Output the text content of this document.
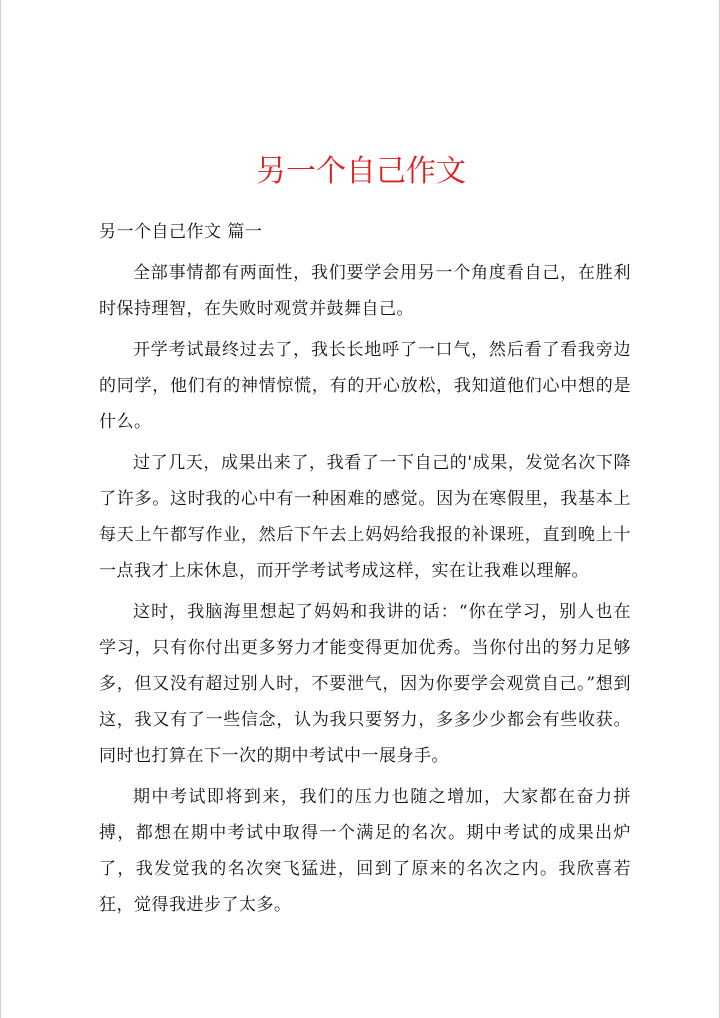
另一个自己作文
另一个自己作文 篇一

全部事情都有两面性，我们要学会用另一个角度看自己，在胜利时保持理智，在失败时观赏并鼓舞自己。

开学考试最终过去了，我长长地呼了一口气，然后看了看我旁边的同学，他们有的神情惊慌，有的开心放松，我知道他们心中想的是什么。

过了几天，成果出来了，我看了一下自己的'成果，发觉名次下降了许多。这时我的心中有一种困难的感觉。因为在寒假里，我基本上每天上午都写作业，然后下午去上妈妈给我报的补课班，直到晚上十一点我才上床休息，而开学考试考成这样，实在让我难以理解。

这时，我脑海里想起了妈妈和我讲的话：“你在学习，别人也在学习，只有你付出更多努力才能变得更加优秀。当你付出的努力足够多，但又没有超过别人时，不要泄气，因为你要学会观赏自己。”想到这，我又有了一些信念，认为我只要努力，多多少少都会有些收获。同时也打算在下一次的期中考试中一展身手。

期中考试即将到来，我们的压力也随之增加，大家都在奋力拼搏，都想在期中考试中取得一个满足的名次。期中考试的成果出炉了，我发觉我的名次突飞猛进，回到了原来的名次之内。我欣喜若狂，觉得我进步了太多。
